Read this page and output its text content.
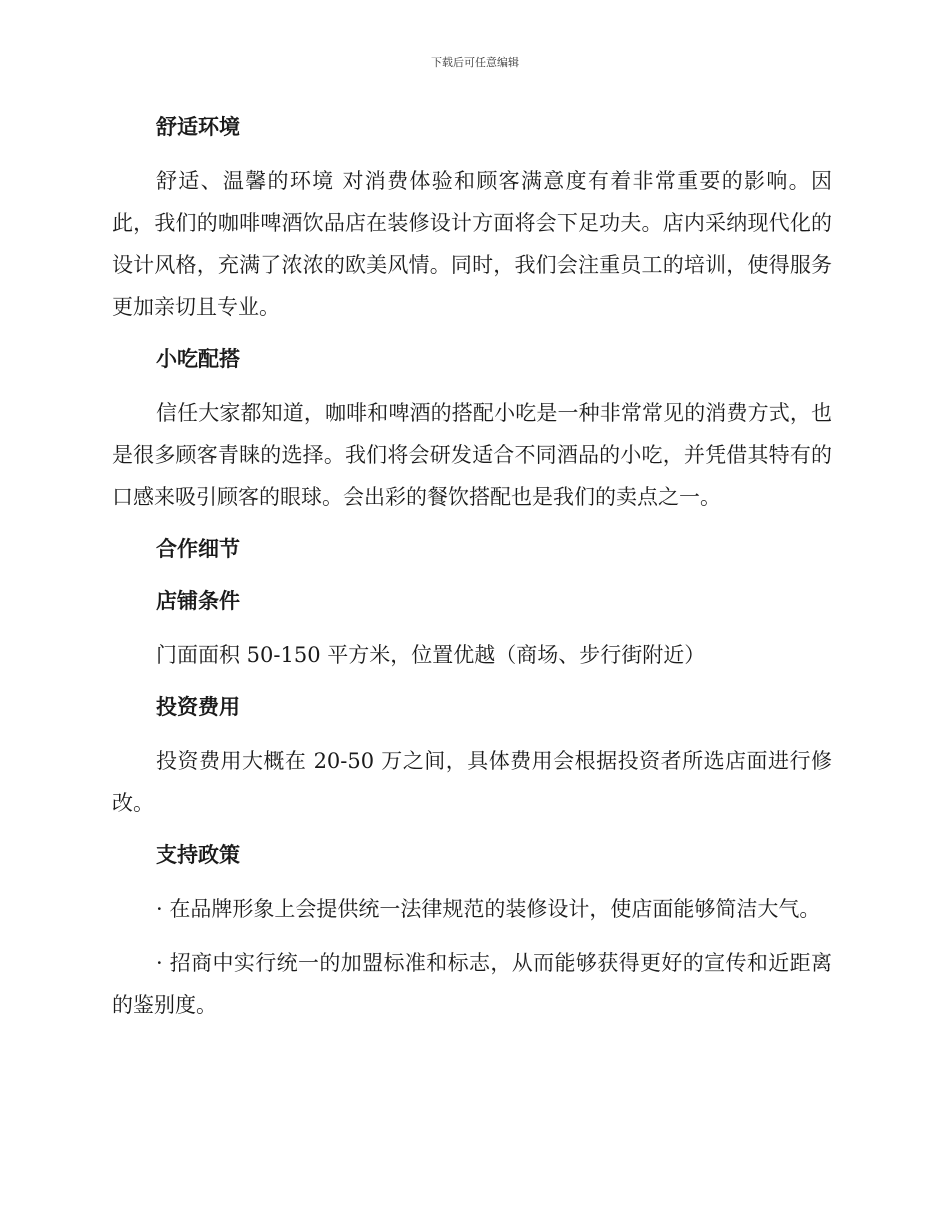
下载后可任意编辑
舒适环境

舒适、温馨的环境 对消费体验和顾客满意度有着非常重要的影响。因此，我们的咖啡啤酒饮品店在装修设计方面将会下足功夫。店内采纳现代化的设计风格，充满了浓浓的欧美风情。同时，我们会注重员工的培训，使得服务更加亲切且专业。

小吃配搭

信任大家都知道，咖啡和啤酒的搭配小吃是一种非常常见的消费方式，也是很多顾客青睐的选择。我们将会研发适合不同酒品的小吃，并凭借其特有的口感来吸引顾客的眼球。会出彩的餐饮搭配也是我们的卖点之一。

合作细节
店铺条件

门面面积 50-150 平方米，位置优越（商场、步行街附近）

投资费用

投资费用大概在 20-50 万之间，具体费用会根据投资者所选店面进行修改。

支持政策

· 在品牌形象上会提供统一法律规范的装修设计，使店面能够简洁大气。

· 招商中实行统一的加盟标准和标志，从而能够获得更好的宣传和近距离的鉴别度。
